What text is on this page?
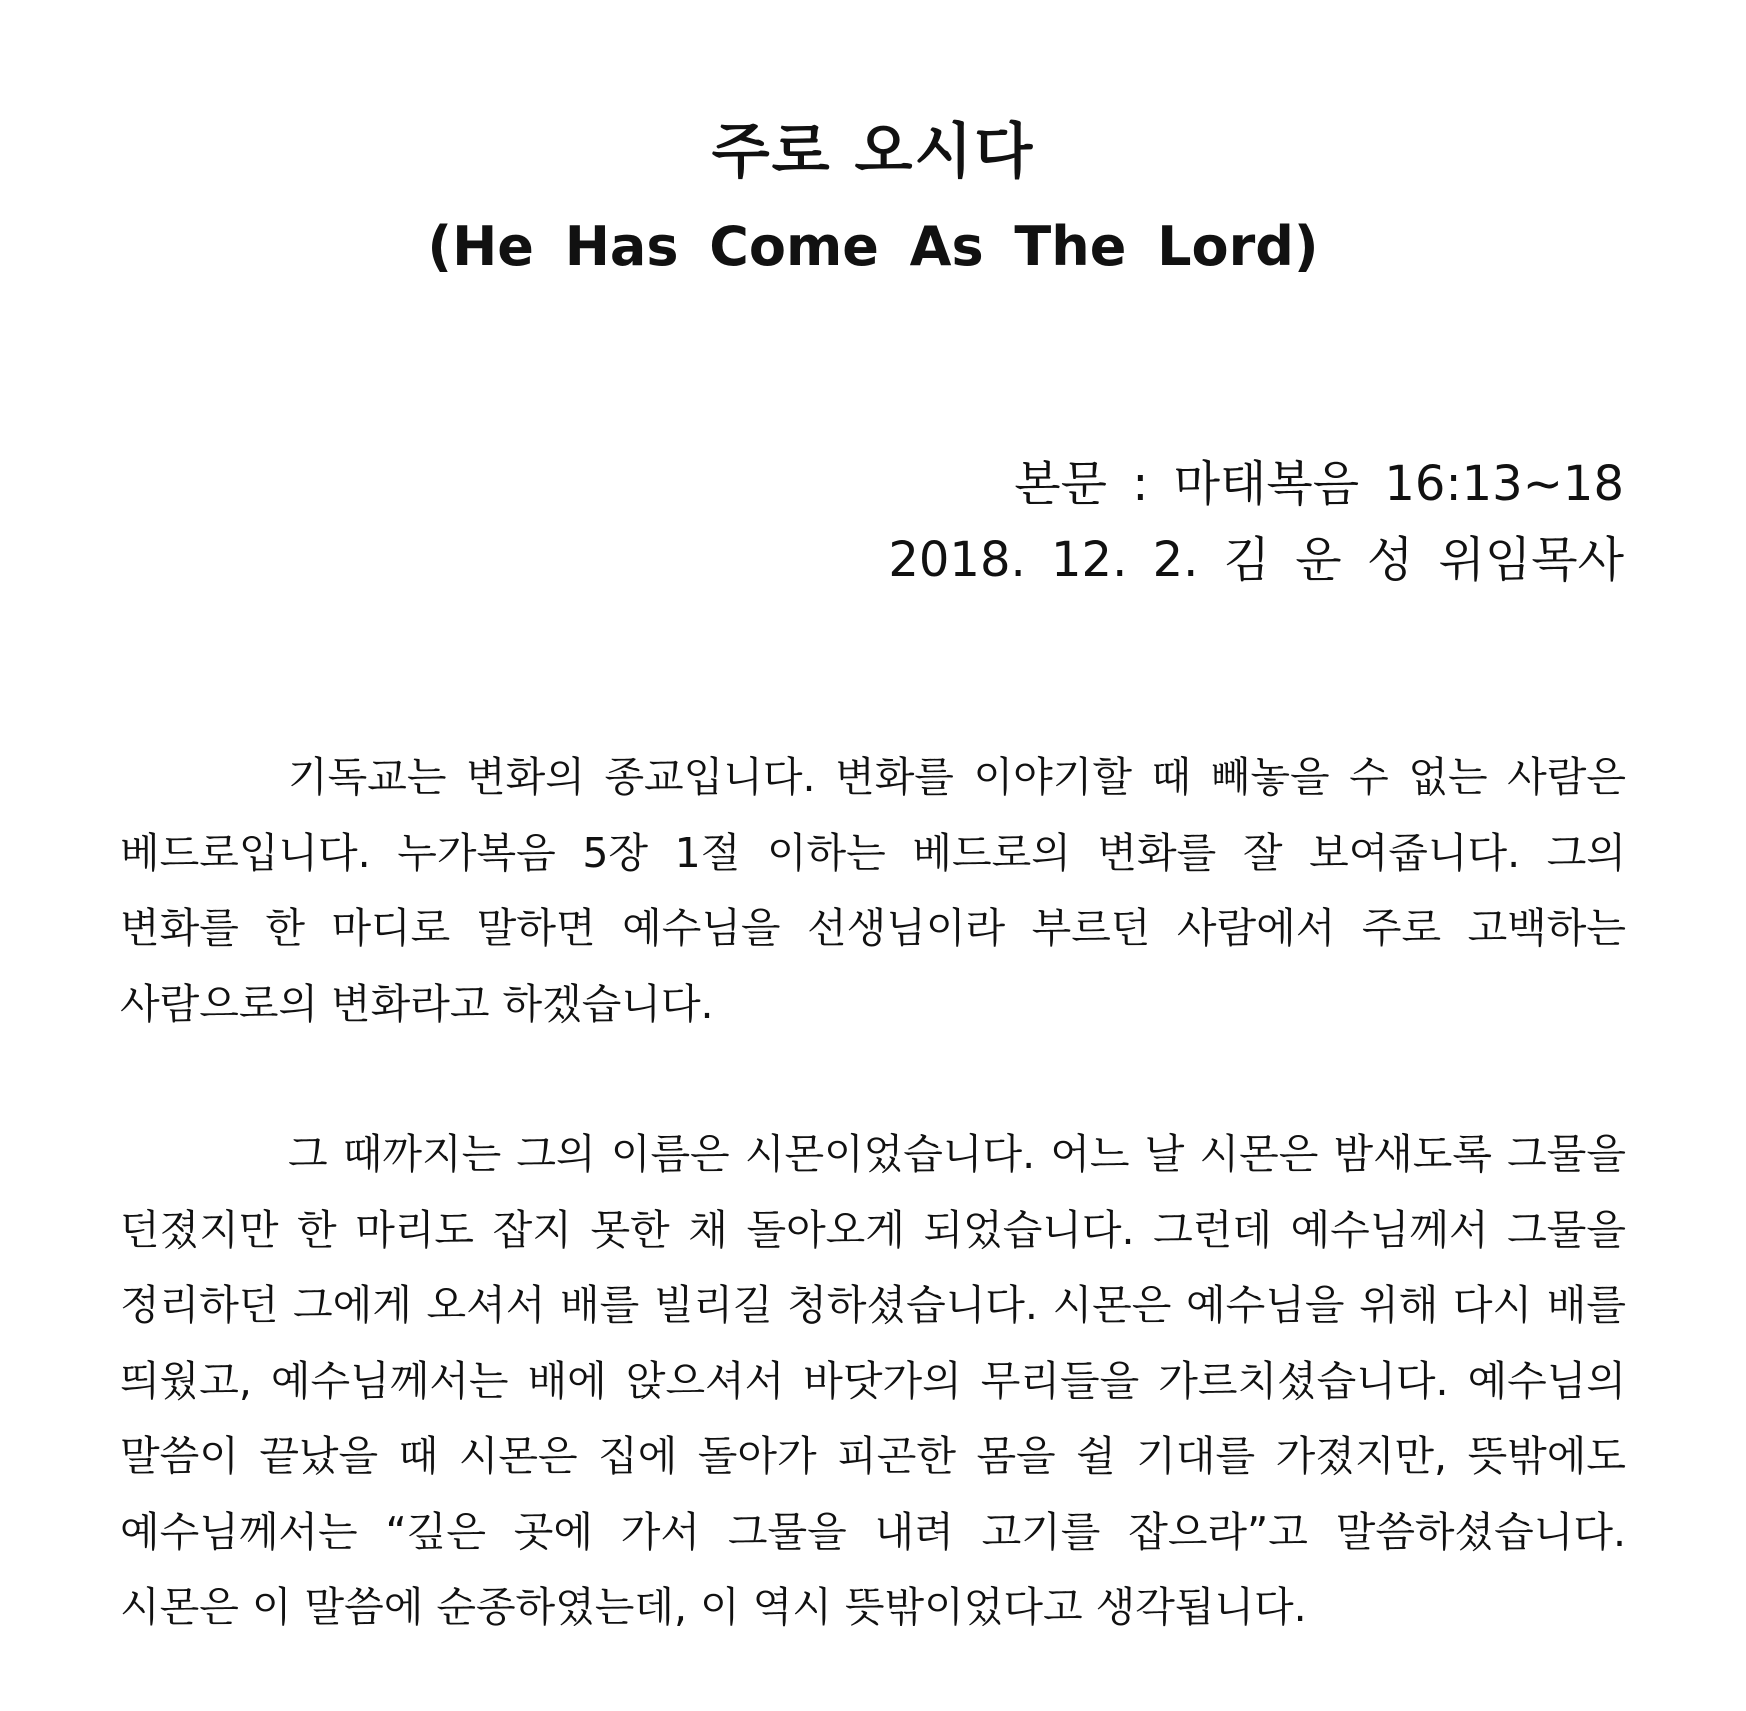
주로 오시다
(He Has Come As The Lord)
본문 : 마태복음 16:13~18
2018. 12. 2. 김 운 성 위임목사

기독교는 변화의 종교입니다. 변화를 이야기할 때 빼놓을 수 없는 사람은 베드로입니다. 누가복음 5장 1절 이하는 베드로의 변화를 잘 보여줍니다. 그의 변화를 한 마디로 말하면 예수님을 선생님이라 부르던 사람에서 주로 고백하는 사람으로의 변화라고 하겠습니다.

그 때까지는 그의 이름은 시몬이었습니다. 어느 날 시몬은 밤새도록 그물을 던졌지만 한 마리도 잡지 못한 채 돌아오게 되었습니다. 그런데 예수님께서 그물을 정리하던 그에게 오셔서 배를 빌리길 청하셨습니다. 시몬은 예수님을 위해 다시 배를 띄웠고, 예수님께서는 배에 앉으셔서 바닷가의 무리들을 가르치셨습니다. 예수님의 말씀이 끝났을 때 시몬은 집에 돌아가 피곤한 몸을 쉴 기대를 가졌지만, 뜻밖에도 예수님께서는 “깊은 곳에 가서 그물을 내려 고기를 잡으라”고 말씀하셨습니다. 시몬은 이 말씀에 순종하였는데, 이 역시 뜻밖이었다고 생각됩니다.
